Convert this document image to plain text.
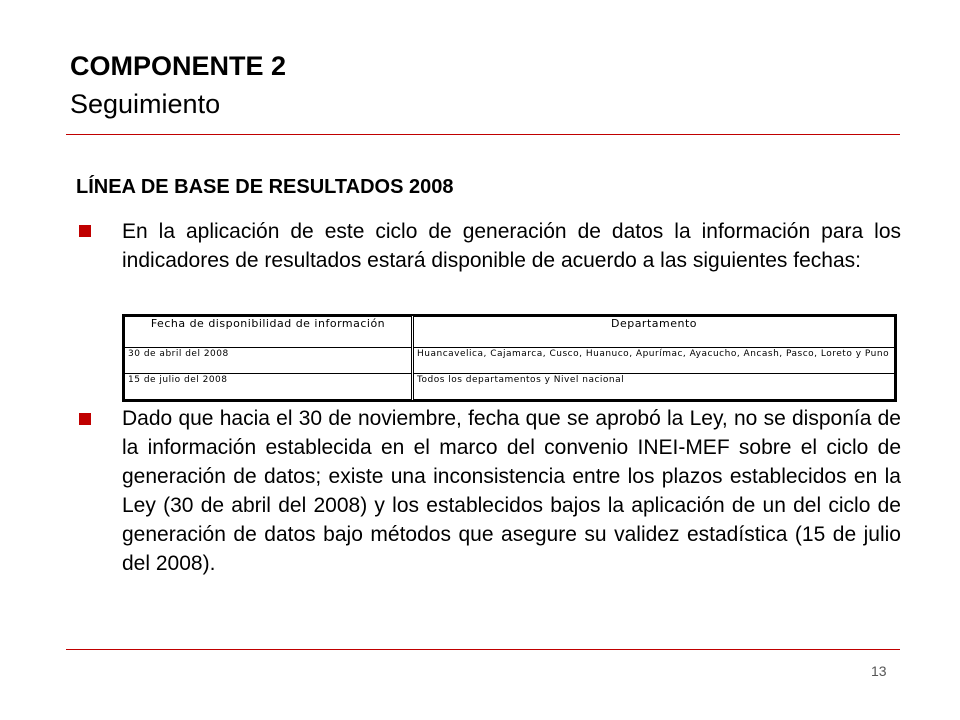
COMPONENTE 2
Seguimiento
LÍNEA DE BASE DE RESULTADOS 2008
En la aplicación de este ciclo de generación de datos la información para los indicadores de resultados estará disponible de acuerdo a las siguientes fechas:
Fecha de disponibilidad de información	Departamento
30 de abril del 2008	Huancavelica, Cajamarca, Cusco, Huanuco, Apurímac, Ayacucho, Ancash, Pasco, Loreto y Puno
15 de julio del 2008	Todos los departamentos y Nivel nacional
Dado que hacia el 30 de noviembre, fecha que se aprobó la Ley, no se disponía de la información establecida en el marco del convenio INEI-MEF sobre el ciclo de generación de datos; existe una inconsistencia entre los plazos establecidos en la Ley (30 de abril del 2008) y los establecidos bajos la aplicación de un del ciclo de generación de datos bajo métodos que asegure su validez estadística (15 de julio del 2008).
13
